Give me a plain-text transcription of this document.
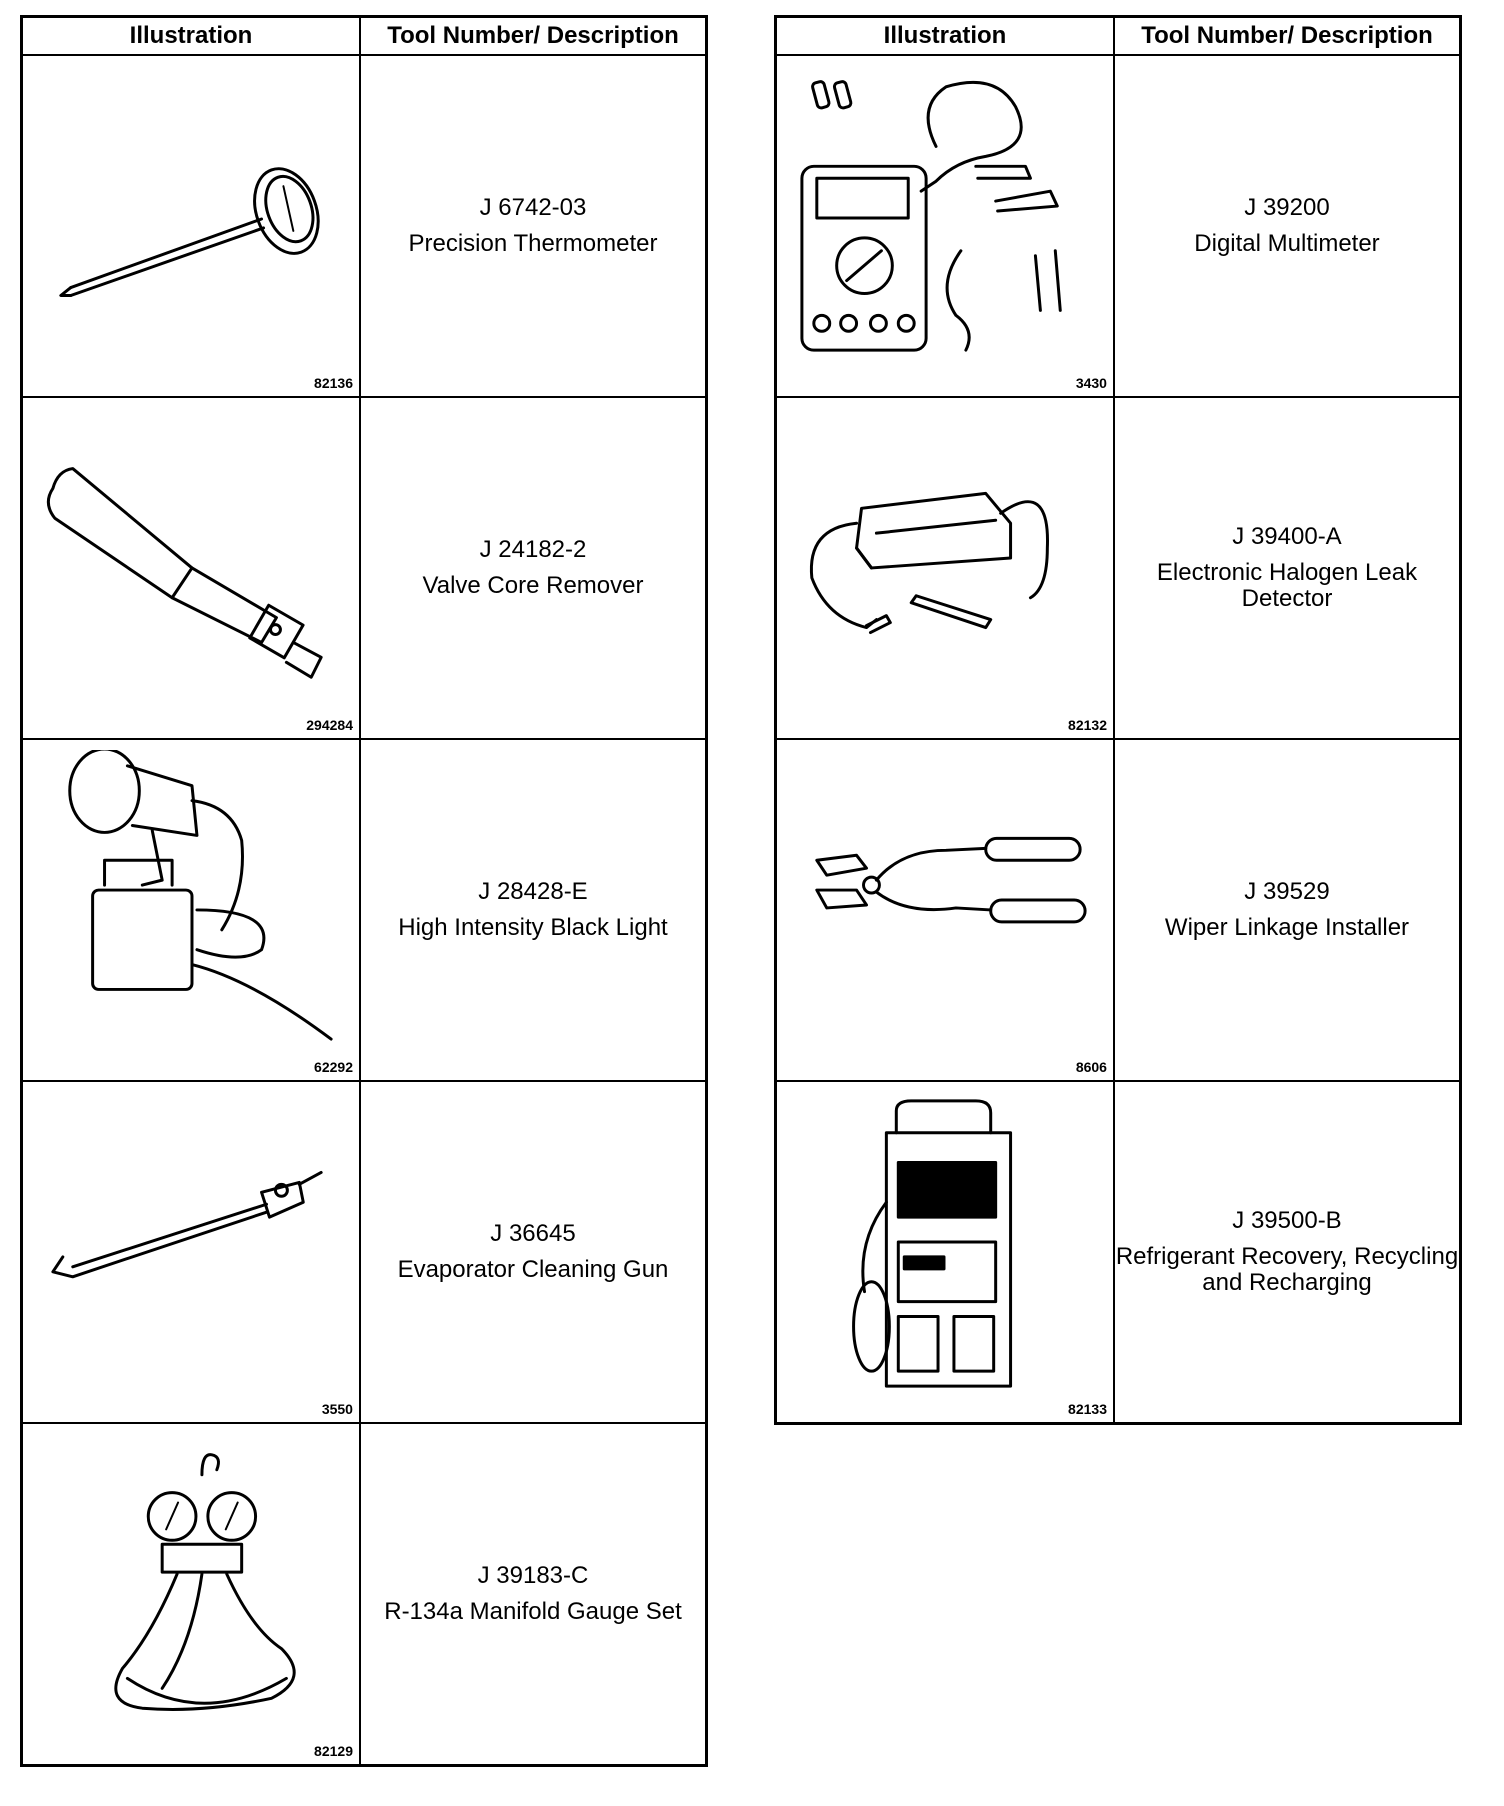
Illustration	Tool Number/ Description

82136	J 6742-03
Precision Thermometer

294284	J 24182-2
Valve Core Remover

62292	J 28428-E
High Intensity Black Light

3550	J 36645
Evaporator Cleaning Gun

82129	J 39183-C
R-134a Manifold Gauge Set
Illustration	Tool Number/ Description

3430	J 39200
Digital Multimeter

82132	J 39400-A
Electronic Halogen Leak Detector

8606	J 39529
Wiper Linkage Installer

82133	J 39500-B
Refrigerant Recovery, Recycling and Recharging
